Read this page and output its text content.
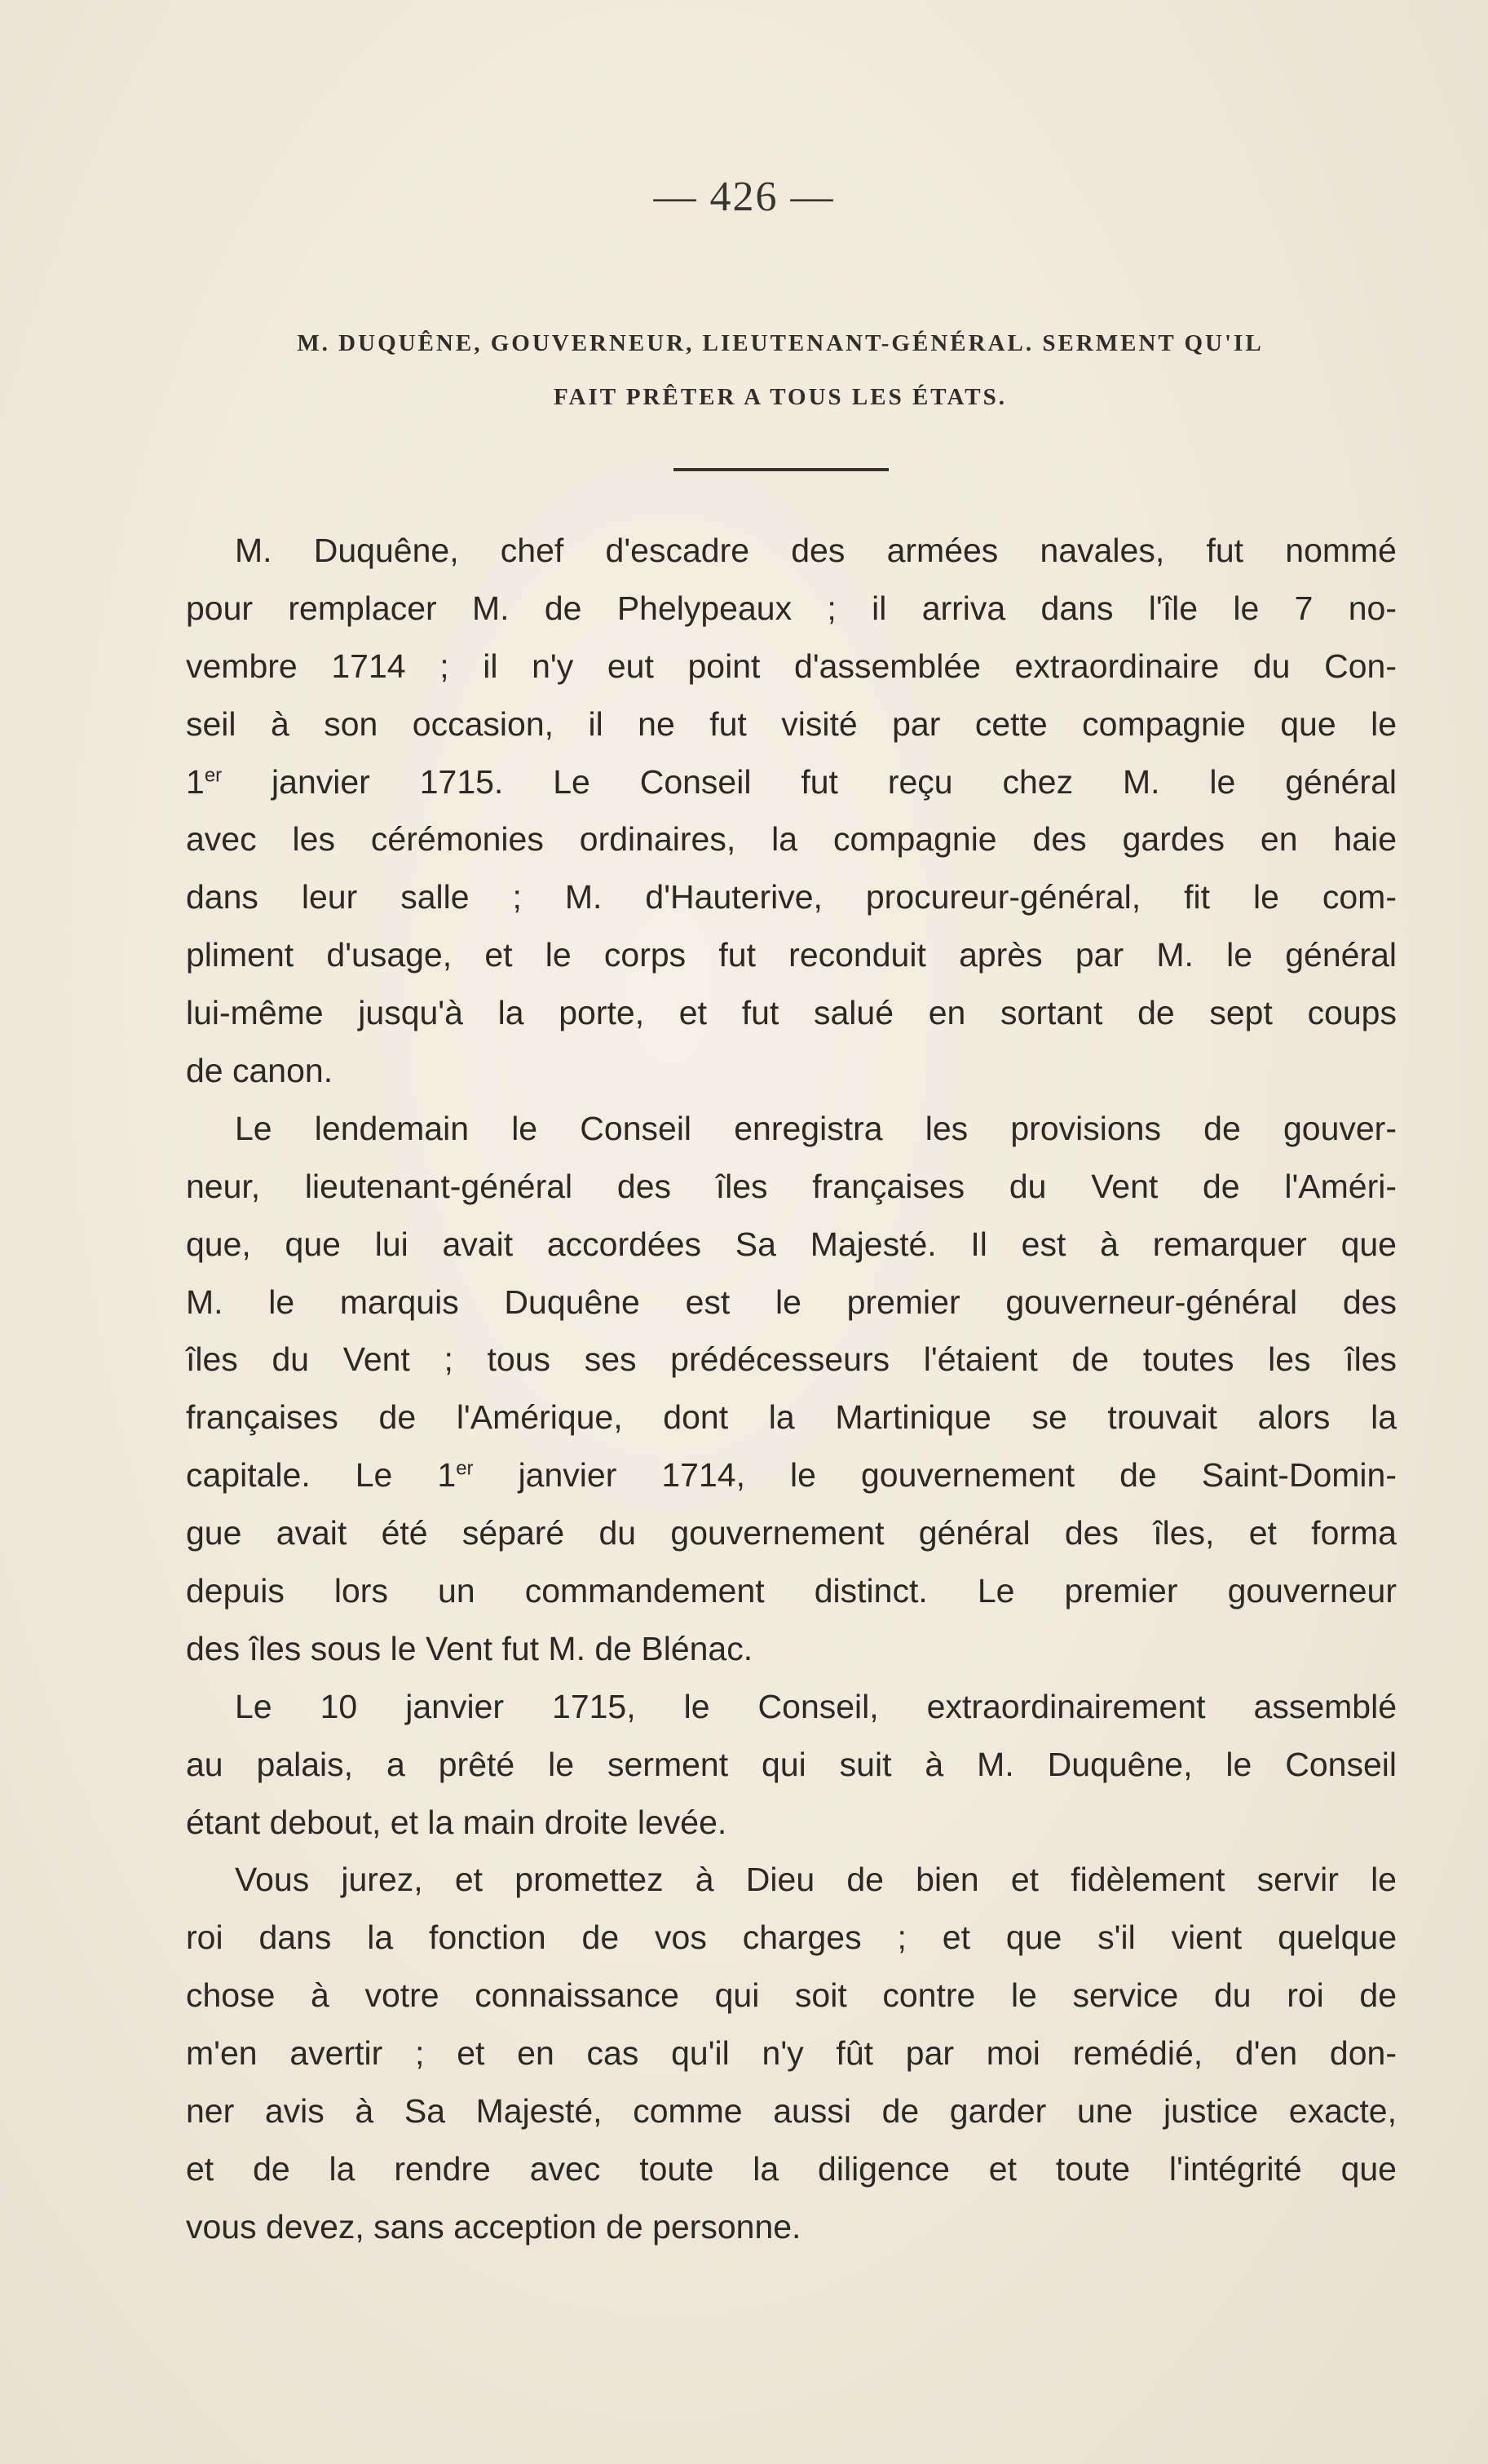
— 426 —
M. DUQUÊNE, GOUVERNEUR, LIEUTENANT-GÉNÉRAL. SERMENT QU'IL
FAIT PRÊTER A TOUS LES ÉTATS.
M. Duquêne, chef d'escadre des armées navales, fut nommé
pour remplacer M. de Phelypeaux ; il arriva dans l'île le 7 no-
vembre 1714 ; il n'y eut point d'assemblée extraordinaire du Con-
seil à son occasion, il ne fut visité par cette compagnie que le
1er janvier 1715. Le Conseil fut reçu chez M. le général
avec les cérémonies ordinaires, la compagnie des gardes en haie
dans leur salle ; M. d'Hauterive, procureur-général, fit le com-
pliment d'usage, et le corps fut reconduit après par M. le général
lui-même jusqu'à la porte, et fut salué en sortant de sept coups
de canon.
Le lendemain le Conseil enregistra les provisions de gouver-
neur, lieutenant-général des îles françaises du Vent de l'Améri-
que, que lui avait accordées Sa Majesté. Il est à remarquer que
M. le marquis Duquêne est le premier gouverneur-général des
îles du Vent ; tous ses prédécesseurs l'étaient de toutes les îles
françaises de l'Amérique, dont la Martinique se trouvait alors la
capitale. Le 1er janvier 1714, le gouvernement de Saint-Domin-
gue avait été séparé du gouvernement général des îles, et forma
depuis lors un commandement distinct. Le premier gouverneur
des îles sous le Vent fut M. de Blénac.
Le 10 janvier 1715, le Conseil, extraordinairement assemblé
au palais, a prêté le serment qui suit à M. Duquêne, le Conseil
étant debout, et la main droite levée.
Vous jurez, et promettez à Dieu de bien et fidèlement servir le
roi dans la fonction de vos charges ; et que s'il vient quelque
chose à votre connaissance qui soit contre le service du roi de
m'en avertir ; et en cas qu'il n'y fût par moi remédié, d'en don-
ner avis à Sa Majesté, comme aussi de garder une justice exacte,
et de la rendre avec toute la diligence et toute l'intégrité que
vous devez, sans acception de personne.
